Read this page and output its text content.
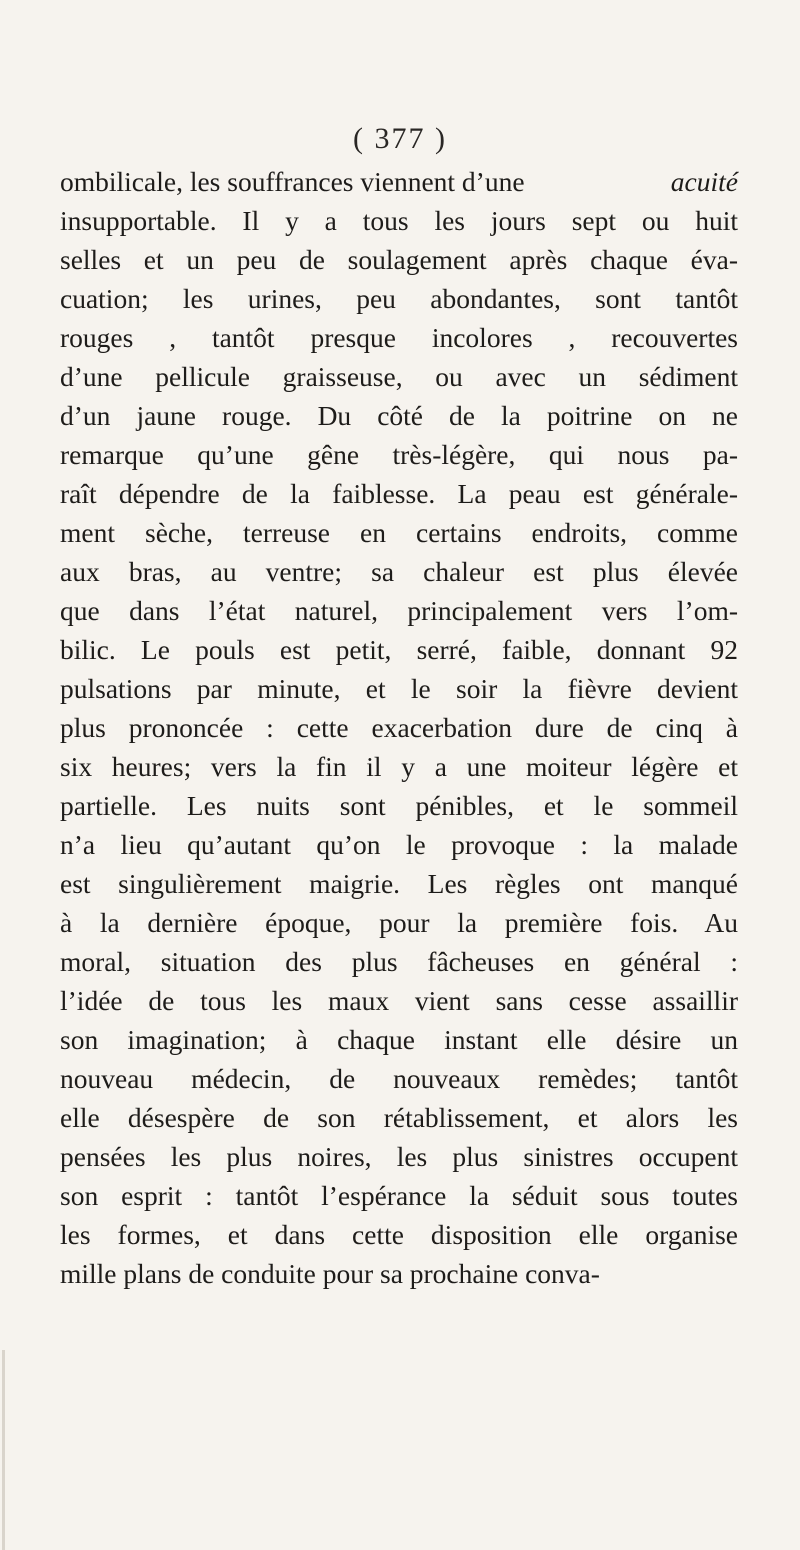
( 377 )
ombilicale, les souffrances viennent d’une	acuité
insupportable. Il y a tous les jours sept ou huit
selles et un peu de soulagement après chaque éva-
cuation; les urines, peu abondantes, sont tantôt
rouges , tantôt presque incolores , recouvertes
d’une pellicule graisseuse, ou avec un sédiment
d’un jaune rouge. Du côté de la poitrine on ne
remarque qu’une gêne très-légère, qui nous pa-
raît dépendre de la faiblesse. La peau est générale-
ment sèche, terreuse en certains endroits, comme
aux bras, au ventre; sa chaleur est plus élevée
que dans l’état naturel, principalement vers l’om-
bilic. Le pouls est petit, serré, faible, donnant 92
pulsations par minute, et le soir la fièvre devient
plus prononcée : cette exacerbation dure de cinq à
six heures; vers la fin il y a une moiteur légère et
partielle. Les nuits sont pénibles, et le sommeil
n’a lieu qu’autant qu’on le provoque : la malade
est singulièrement maigrie. Les règles ont manqué
à la dernière époque, pour la première fois. Au
moral, situation des plus fâcheuses en général :
l’idée de tous les maux vient sans cesse assaillir
son imagination; à chaque instant elle désire un
nouveau médecin, de nouveaux remèdes; tantôt
elle désespère de son rétablissement, et alors les
pensées les plus noires, les plus sinistres occupent
son esprit : tantôt l’espérance la séduit sous toutes
les formes, et dans cette disposition elle organise
mille plans de conduite pour sa prochaine conva-
